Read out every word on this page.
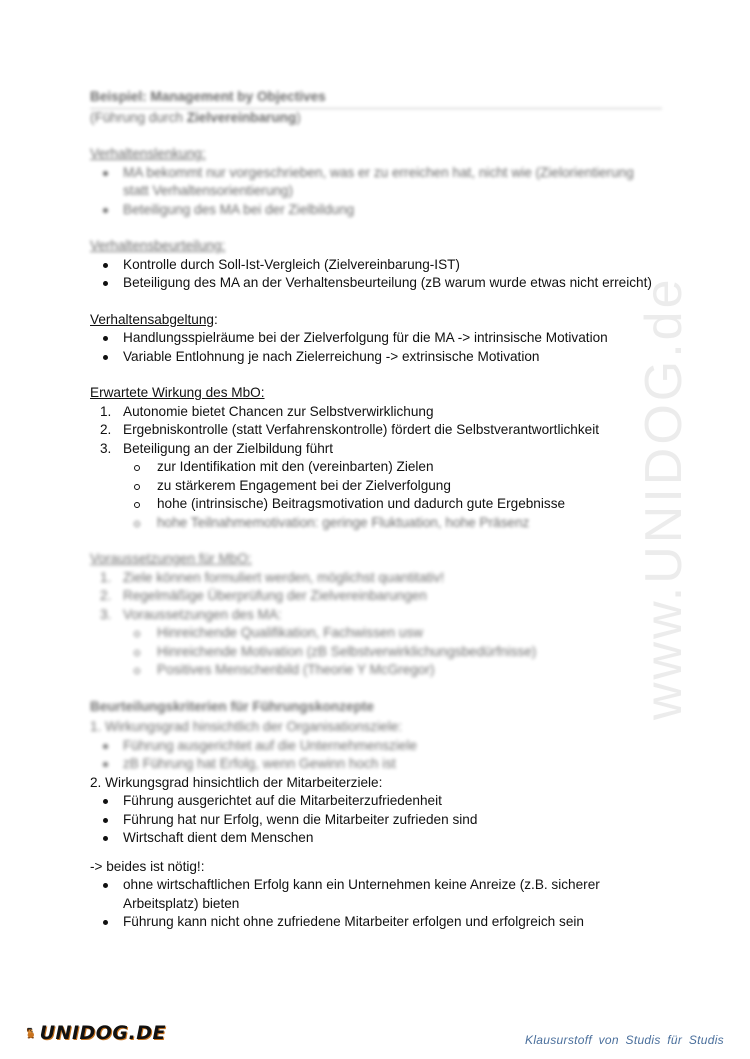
www.UNIDOG.de
Beispiel: Management by Objectives
(Führung durch Zielvereinbarung)
Verhaltenslenkung:
MA bekommt nur vorgeschrieben, was er zu erreichen hat, nicht wie (Zielorientierung statt Verhaltensorientierung)
Beteiligung des MA bei der Zielbildung
Verhaltensbeurteilung:
Kontrolle durch Soll-Ist-Vergleich (Zielvereinbarung-IST)
Beteiligung des MA an der Verhaltensbeurteilung (zB warum wurde etwas nicht erreicht)
Verhaltensabgeltung:
Handlungsspielräume bei der Zielverfolgung für die MA -> intrinsische Motivation
Variable Entlohnung je nach Zielerreichung -> extrinsische Motivation
Erwartete Wirkung des MbO:
1. Autonomie bietet Chancen zur Selbstverwirklichung
2. Ergebniskontrolle (statt Verfahrenskontrolle) fördert die Selbstverantwortlichkeit
3. Beteiligung an der Zielbildung führt
zur Identifikation mit den (vereinbarten) Zielen
zu stärkerem Engagement bei der Zielverfolgung
hohe (intrinsische) Beitragsmotivation und dadurch gute Ergebnisse
hohe Teilnahmemotivation: geringe Fluktuation, hohe Präsenz
Voraussetzungen für MbO:
1. Ziele können formuliert werden, möglichst quantitativ!
2. Regelmäßige Überprüfung der Zielvereinbarungen
3. Voraussetzungen des MA:
Hinreichende Qualifikation, Fachwissen usw
Hinreichende Motivation (zB Selbstverwirklichungsbedürfnisse)
Positives Menschenbild (Theorie Y McGregor)
Beurteilungskriterien für Führungskonzepte
1. Wirkungsgrad hinsichtlich der Organisationsziele:
Führung ausgerichtet auf die Unternehmensziele
zB Führung hat Erfolg, wenn Gewinn hoch ist
2. Wirkungsgrad hinsichtlich der Mitarbeiterziele:
Führung ausgerichtet auf die Mitarbeiterzufriedenheit
Führung hat nur Erfolg, wenn die Mitarbeiter zufrieden sind
Wirtschaft dient dem Menschen
-> beides ist nötig!:
ohne wirtschaftlichen Erfolg kann ein Unternehmen keine Anreize (z.B. sicherer Arbeitsplatz) bieten
Führung kann nicht ohne zufriedene Mitarbeiter erfolgen und erfolgreich sein
UNIDOG.DE	Klausurstoff von Studis für Studis
